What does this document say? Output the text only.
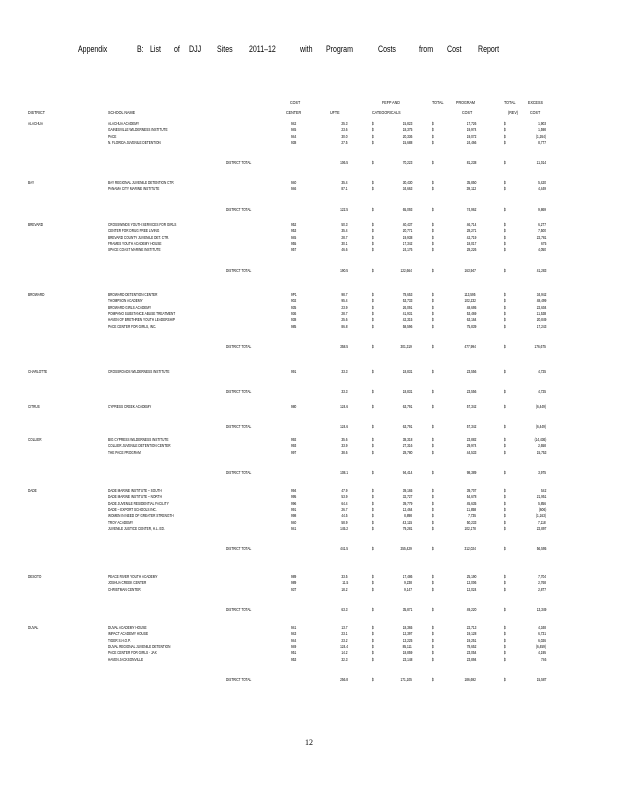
Appendix	B: List of DJJ Sites 2011–12	with Program	Costs	from Cost Report
DISTRICT	SCHOOL NAME
COST
CENTER	UFTE
FEFP AND
CATEGORICALS
TOTAL	PROGRAM
COST
TOTAL	EXCESS
(REV)	COST
ALACHUA	ALACHUA ACADEMY	942	25.3	$	15,823	$	17,726	$	1,903
GAINESVILLE WILDERNESS INSTITUTE	945	23.6	$	18,375	$	19,974	$	1,598
PACE	944	30.0	$	20,336	$	19,072	$	(1,264)
N. FLORIDA JUVENILE DETENTION	938	27.5	$	15,688	$	24,466	$	8,777
DISTRICT TOTAL	106.5	$	70,223	$	81,238	$	11,014
BAY	BAY REGIONAL JUVENILE DETENTION CTR	940	35.4	$	30,430	$	35,850	$	5,420
PANAMA CITY MARINE INSTITUTE	946	87.1	$	34,663	$	39,112	$	4,449
DISTRICT TOTAL	122.5	$	65,093	$	74,962	$	9,869
BREVARD	CROSSWINDS YOUTH SERVICES FOR GIRLS	952	50.3	$	40,437	$	46,714	$	6,277
CENTER FOR DRUG FREE LIVING	953	35.4	$	20,771	$	28,271	$	7,500
BREVARD COUNTY JUVENILE DET. CTR.	945	28.7	$	19,938	$	42,719	$	22,781
FRAMES YOUTH ACADEMY HOUSE	955	30.1	$	17,342	$	18,017	$	675
SPACE COAST MARINE INSTITUTE	957	46.6	$	24,176	$	28,226	$	4,050
DISTRICT TOTAL	190.5	$	122,664	$	163,947	$	41,283
BROWARD	BROWARD DETENTION CENTER	9P1	98.7	$	78,653	$	113,595	$	34,942
THOMPSON ACADEMY	902	95.4	$	53,733	$	102,232	$	48,499
BROWARD GIRLS ACADEMY	935	23.9	$	26,091	$	48,695	$	22,604
POMPANO SUBSTANCE ABUSE TREATMENT	936	28.7	$	41,931	$	53,469	$	11,538
HAVEN OF BRETHREN YOUTH LEADERSHIP	938	25.6	$	42,315	$	63,164	$	20,849
PACE CENTER FOR GIRLS, INC.	985	86.8	$	58,596	$	75,839	$	17,243
DISTRICT TOTAL	358.5	$	301,319	$	477,994	$	176,675
CHARLOTTE	CROSSROADS WILDERNESS INSTITUTE	991	33.3	$	18,831	$	23,556	$	4,725
DISTRICT TOTAL	33.3	$	18,831	$	23,556	$	4,725
CITRUS	CYPRESS CREEK ACADEMY	980	124.6	$	63,791	$	57,342	$	(6,449)
DISTRICT TOTAL	124.6	$	63,791	$	57,342	$	(6,449)
COLLIER	BIG CYPRESS WILDERNESS INSTITUTE	992	35.6	$	38,318	$	23,882	$	(14,436)
COLLIER JUVENILE DETENTION CENTER	993	33.9	$	27,316	$	29,974	$	2,658
THE PACE PROGRAM	997	38.6	$	28,780	$	44,533	$	15,753
DISTRICT TOTAL	108.1	$	94,414	$	98,389	$	3,975
DADE	DADE MARINE INSTITUTE – SOUTH	994	47.9	$	39,165	$	39,707	$	542
DADE MARINE INSTITUTE – NORTH	995	53.9	$	32,727	$	54,678	$	21,951
DADE JUVENILE RESIDENTIAL FACILITY	996	64.4	$	39,779	$	45,635	$	5,856
DADE – EXPORT SCHOOLS INC.	991	26.7	$	12,464	$	11,858	$	(606)
WOMEN IN NEED OF GREATER STRENGTH	998	44.5	$	8,898	$	7,735	$	(1,163)
TROY ACADEMY	940	58.9	$	43,115	$	50,233	$	7,118
JUVENILE JUSTICE CENTER, H.L. ED.	941	145.2	$	79,281	$	102,178	$	22,897
DISTRICT TOTAL	441.5	$	255,429	$	312,024	$	56,595
DESOTO	PEACE RIVER YOUTH ACADEMY	989	33.5	$	17,486	$	25,190	$	7,704
JOSHUA CREEK CENTER	989	11.5	$	9,238	$	12,006	$	2,768
CHRISTMAN CENTER	937	18.2	$	9,147	$	12,024	$	2,877
DISTRICT TOTAL	63.3	$	35,871	$	49,220	$	13,349
DUVAL	DUVAL ACADEMY HOUSE	941	13.7	$	18,365	$	22,713	$	4,348
IMPACT ACADEMY HOUSE	943	23.1	$	12,397	$	19,128	$	6,731
TIGER S.H.O.P.	944	23.2	$	13,225	$	19,251	$	6,026
DUVAL REGIONAL JUVENILE DETENTION	949	124.4	$	85,111	$	78,652	$	(6,459)
PACE CENTER FOR GIRLS - JAX	951	14.2	$	18,859	$	23,054	$	4,195
HAVEN JACKSONVILLE	953	32.3	$	23,148	$	23,894	$	746
DISTRICT TOTAL	256.8	$	171,105	$	186,692	$	15,587
12
